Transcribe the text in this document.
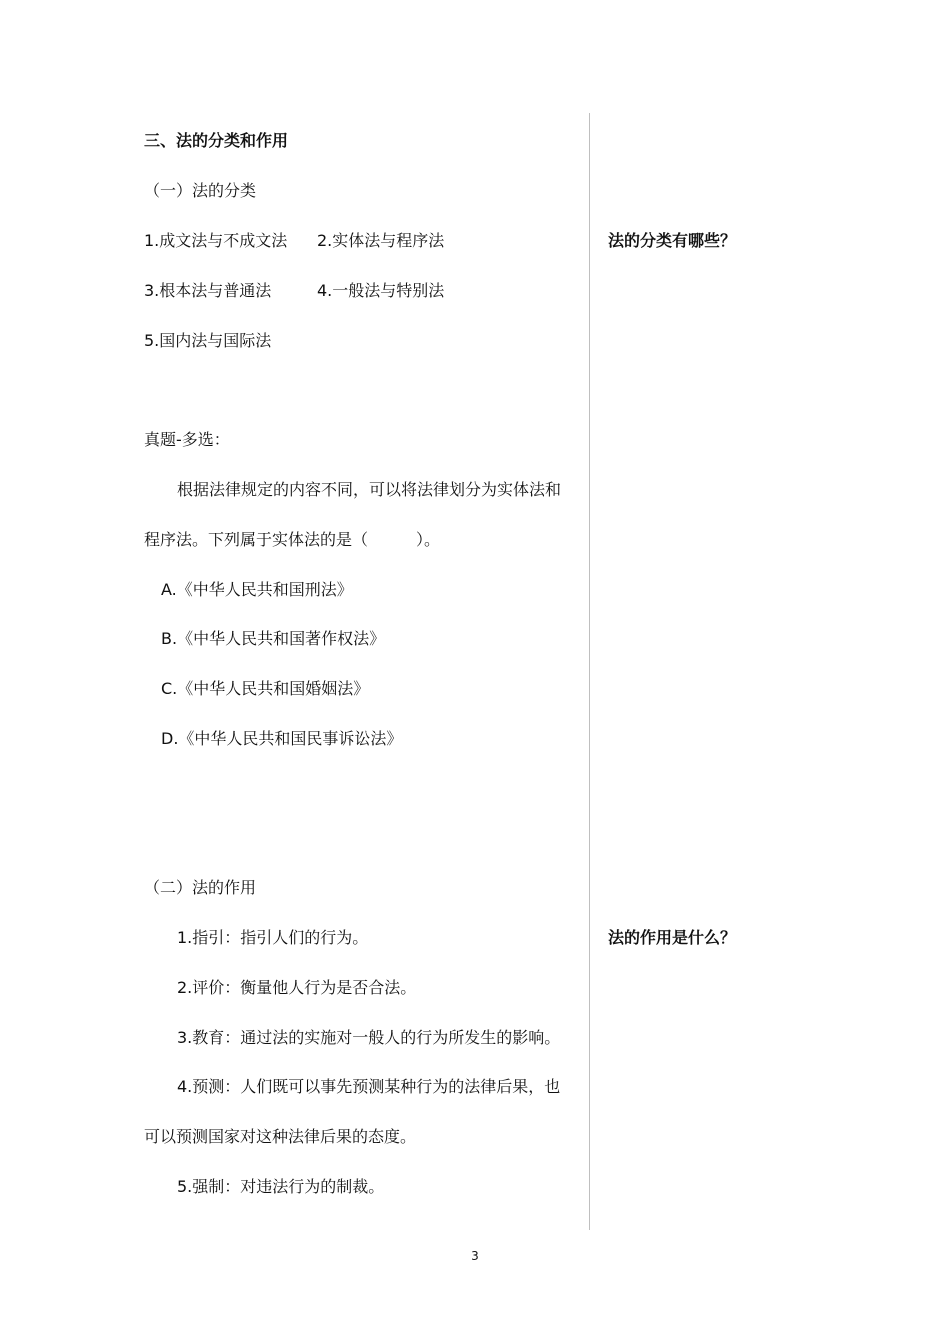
三、法的分类和作用

（一）法的分类

1.成文法与不成文法 2.实体法与程序法

3.根本法与普通法	4.一般法与特别法

5.国内法与国际法

真题-多选：

根据法律规定的内容不同，可以将法律划分为实体法和

程序法。下列属于实体法的是（　　　）。

A.《中华人民共和国刑法》

B.《中华人民共和国著作权法》

C.《中华人民共和国婚姻法》

D.《中华人民共和国民事诉讼法》

（二）法的作用

1.指引：指引人们的行为。

2.评价：衡量他人行为是否合法。

3.教育：通过法的实施对一般人的行为所发生的影响。

4.预测：人们既可以事先预测某种行为的法律后果，也

可以预测国家对这种法律后果的态度。

5.强制：对违法行为的制裁。

法的分类有哪些？

法的作用是什么？

3
